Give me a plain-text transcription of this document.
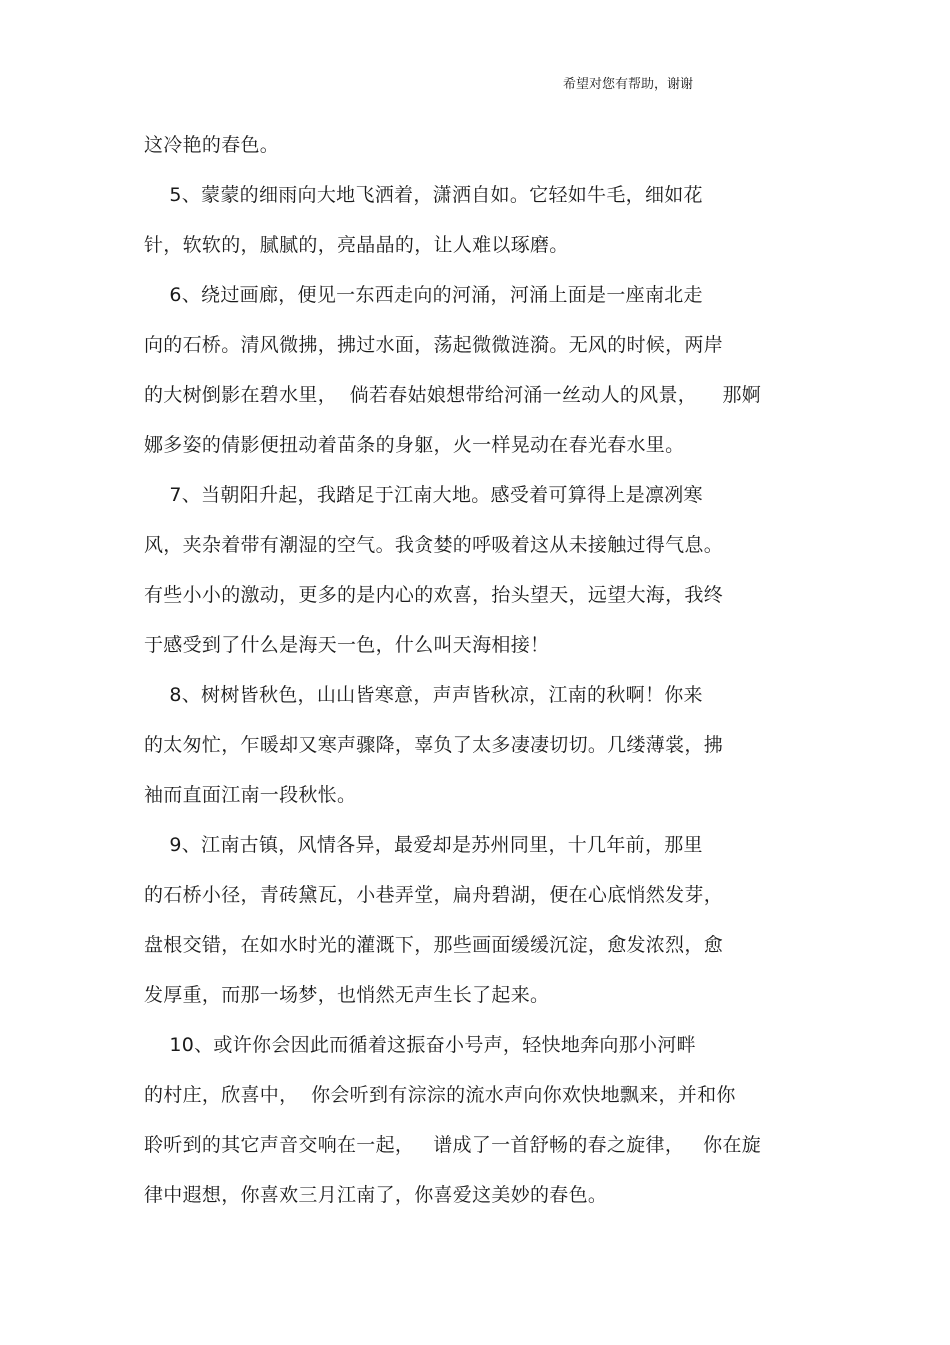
希望对您有帮助，谢谢
这冷艳的春色。
5、蒙蒙的细雨向大地飞洒着，潇洒自如。它轻如牛毛，细如花
针，软软的，腻腻的，亮晶晶的，让人难以琢磨。
6、绕过画廊，便见一东西走向的河涌，河涌上面是一座南北走
向的石桥。清风微拂，拂过水面，荡起微微涟漪。无风的时候，两岸
的大树倒影在碧水里，  倘若春姑娘想带给河涌一丝动人的风景，    那婀
娜多姿的倩影便扭动着苗条的身躯，火一样晃动在春光春水里。
7、当朝阳升起，我踏足于江南大地。感受着可算得上是凛冽寒
风，夹杂着带有潮湿的空气。我贪婪的呼吸着这从未接触过得气息。
有些小小的激动，更多的是内心的欢喜，抬头望天，远望大海，我终
于感受到了什么是海天一色，什么叫天海相接！
8、树树皆秋色，山山皆寒意，声声皆秋凉，江南的秋啊！你来
的太匆忙，乍暖却又寒声骤降，辜负了太多凄凄切切。几缕薄裳，拂
袖而直面江南一段秋怅。
9、江南古镇，风情各异，最爱却是苏州同里，十几年前，那里
的石桥小径，青砖黛瓦，小巷弄堂，扁舟碧湖，便在心底悄然发芽，
盘根交错，在如水时光的灌溉下，那些画面缓缓沉淀，愈发浓烈，愈
发厚重，而那一场梦，也悄然无声生长了起来。
10、或许你会因此而循着这振奋小号声，轻快地奔向那小河畔
的村庄，欣喜中，  你会听到有淙淙的流水声向你欢快地飘来，并和你
聆听到的其它声音交响在一起，   谱成了一首舒畅的春之旋律，   你在旋
律中遐想，你喜欢三月江南了，你喜爱这美妙的春色。
